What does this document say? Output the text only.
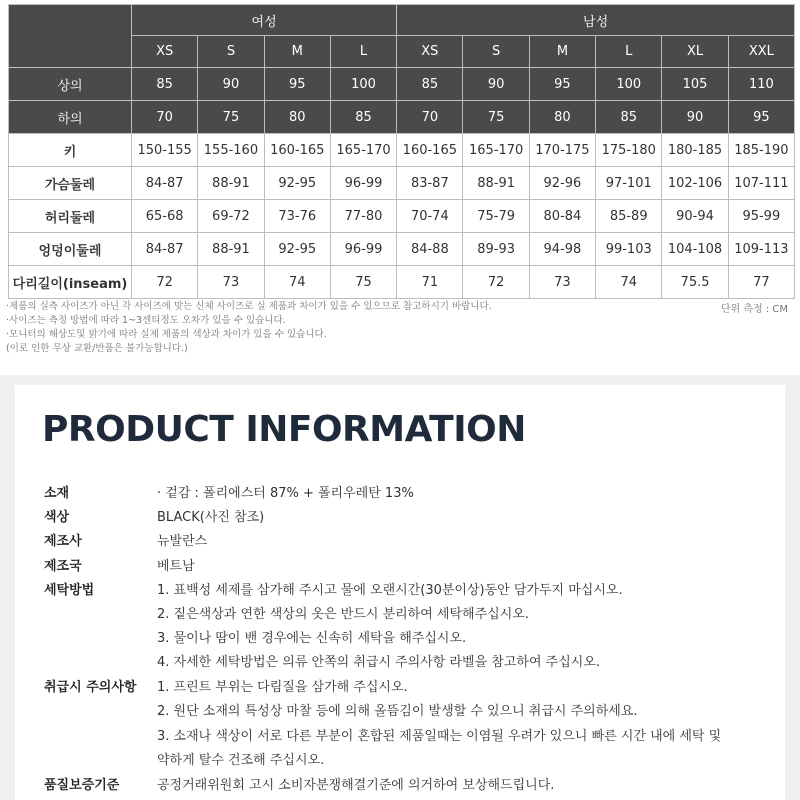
	여성				남성					
	XS	S	M	L	XS	S	M	L	XL	XXL
상의	85	90	95	100	85	90	95	100	105	110
하의	70	75	80	85	70	75	80	85	90	95
키	150-155	155-160	160-165	165-170	160-165	165-170	170-175	175-180	180-185	185-190
가슴둘레	84-87	88-91	92-95	96-99	83-87	88-91	92-96	97-101	102-106	107-111
허리둘레	65-68	69-72	73-76	77-80	70-74	75-79	80-84	85-89	90-94	95-99
엉덩이둘레	84-87	88-91	92-95	96-99	84-88	89-93	94-98	99-103	104-108	109-113
다리길이(inseam)	72	73	74	75	71	72	73	74	75.5	77
·제품의 실측 사이즈가 아닌 각 사이즈에 맞는 신체 사이즈로 실 제품과 차이가 있을 수 있으므로 참고하시기 바랍니다.
·사이즈는 측정 방법에 따라 1~3센티정도 오차가 있을 수 있습니다.
·모니터의 해상도및 밝기에 따라 실제 제품의 색상과 차이가 있을 수 있습니다.
(이로 인한 무상 교환/반품은 불가능합니다.)
단위 측정 : CM
PRODUCT INFORMATION
소재	· 겉감 : 폴리에스터 87% + 폴리우레탄 13%
색상	BLACK(사진 참조)
제조사	뉴발란스
제조국	베트남
세탁방법	1. 표백성 세제를 삼가해 주시고 물에 오랜시간(30분이상)동안 담가두지 마십시오.
2. 짙은색상과 연한 색상의 옷은 반드시 분리하여 세탁해주십시오.
3. 물이나 땀이 밴 경우에는 신속히 세탁을 해주십시오.
4. 자세한 세탁방법은 의류 안쪽의 취급시 주의사항 라벨을 참고하여 주십시오.
취급시 주의사항 1. 프린트 부위는 다림질을 삼가해 주십시오.
2. 원단 소재의 특성상 마찰 등에 의해 올뜸김이 발생할 수 있으니 취급시 주의하세요.
3. 소재나 색상이 서로 다른 부분이 혼합된 제품일때는 이염될 우려가 있으니 빠른 시간 내에 세탁 및
약하게 탈수 건조해 주십시오.
품질보증기준	공정거래위원회 고시 소비자분쟁해결기준에 의거하여 보상해드립니다.
